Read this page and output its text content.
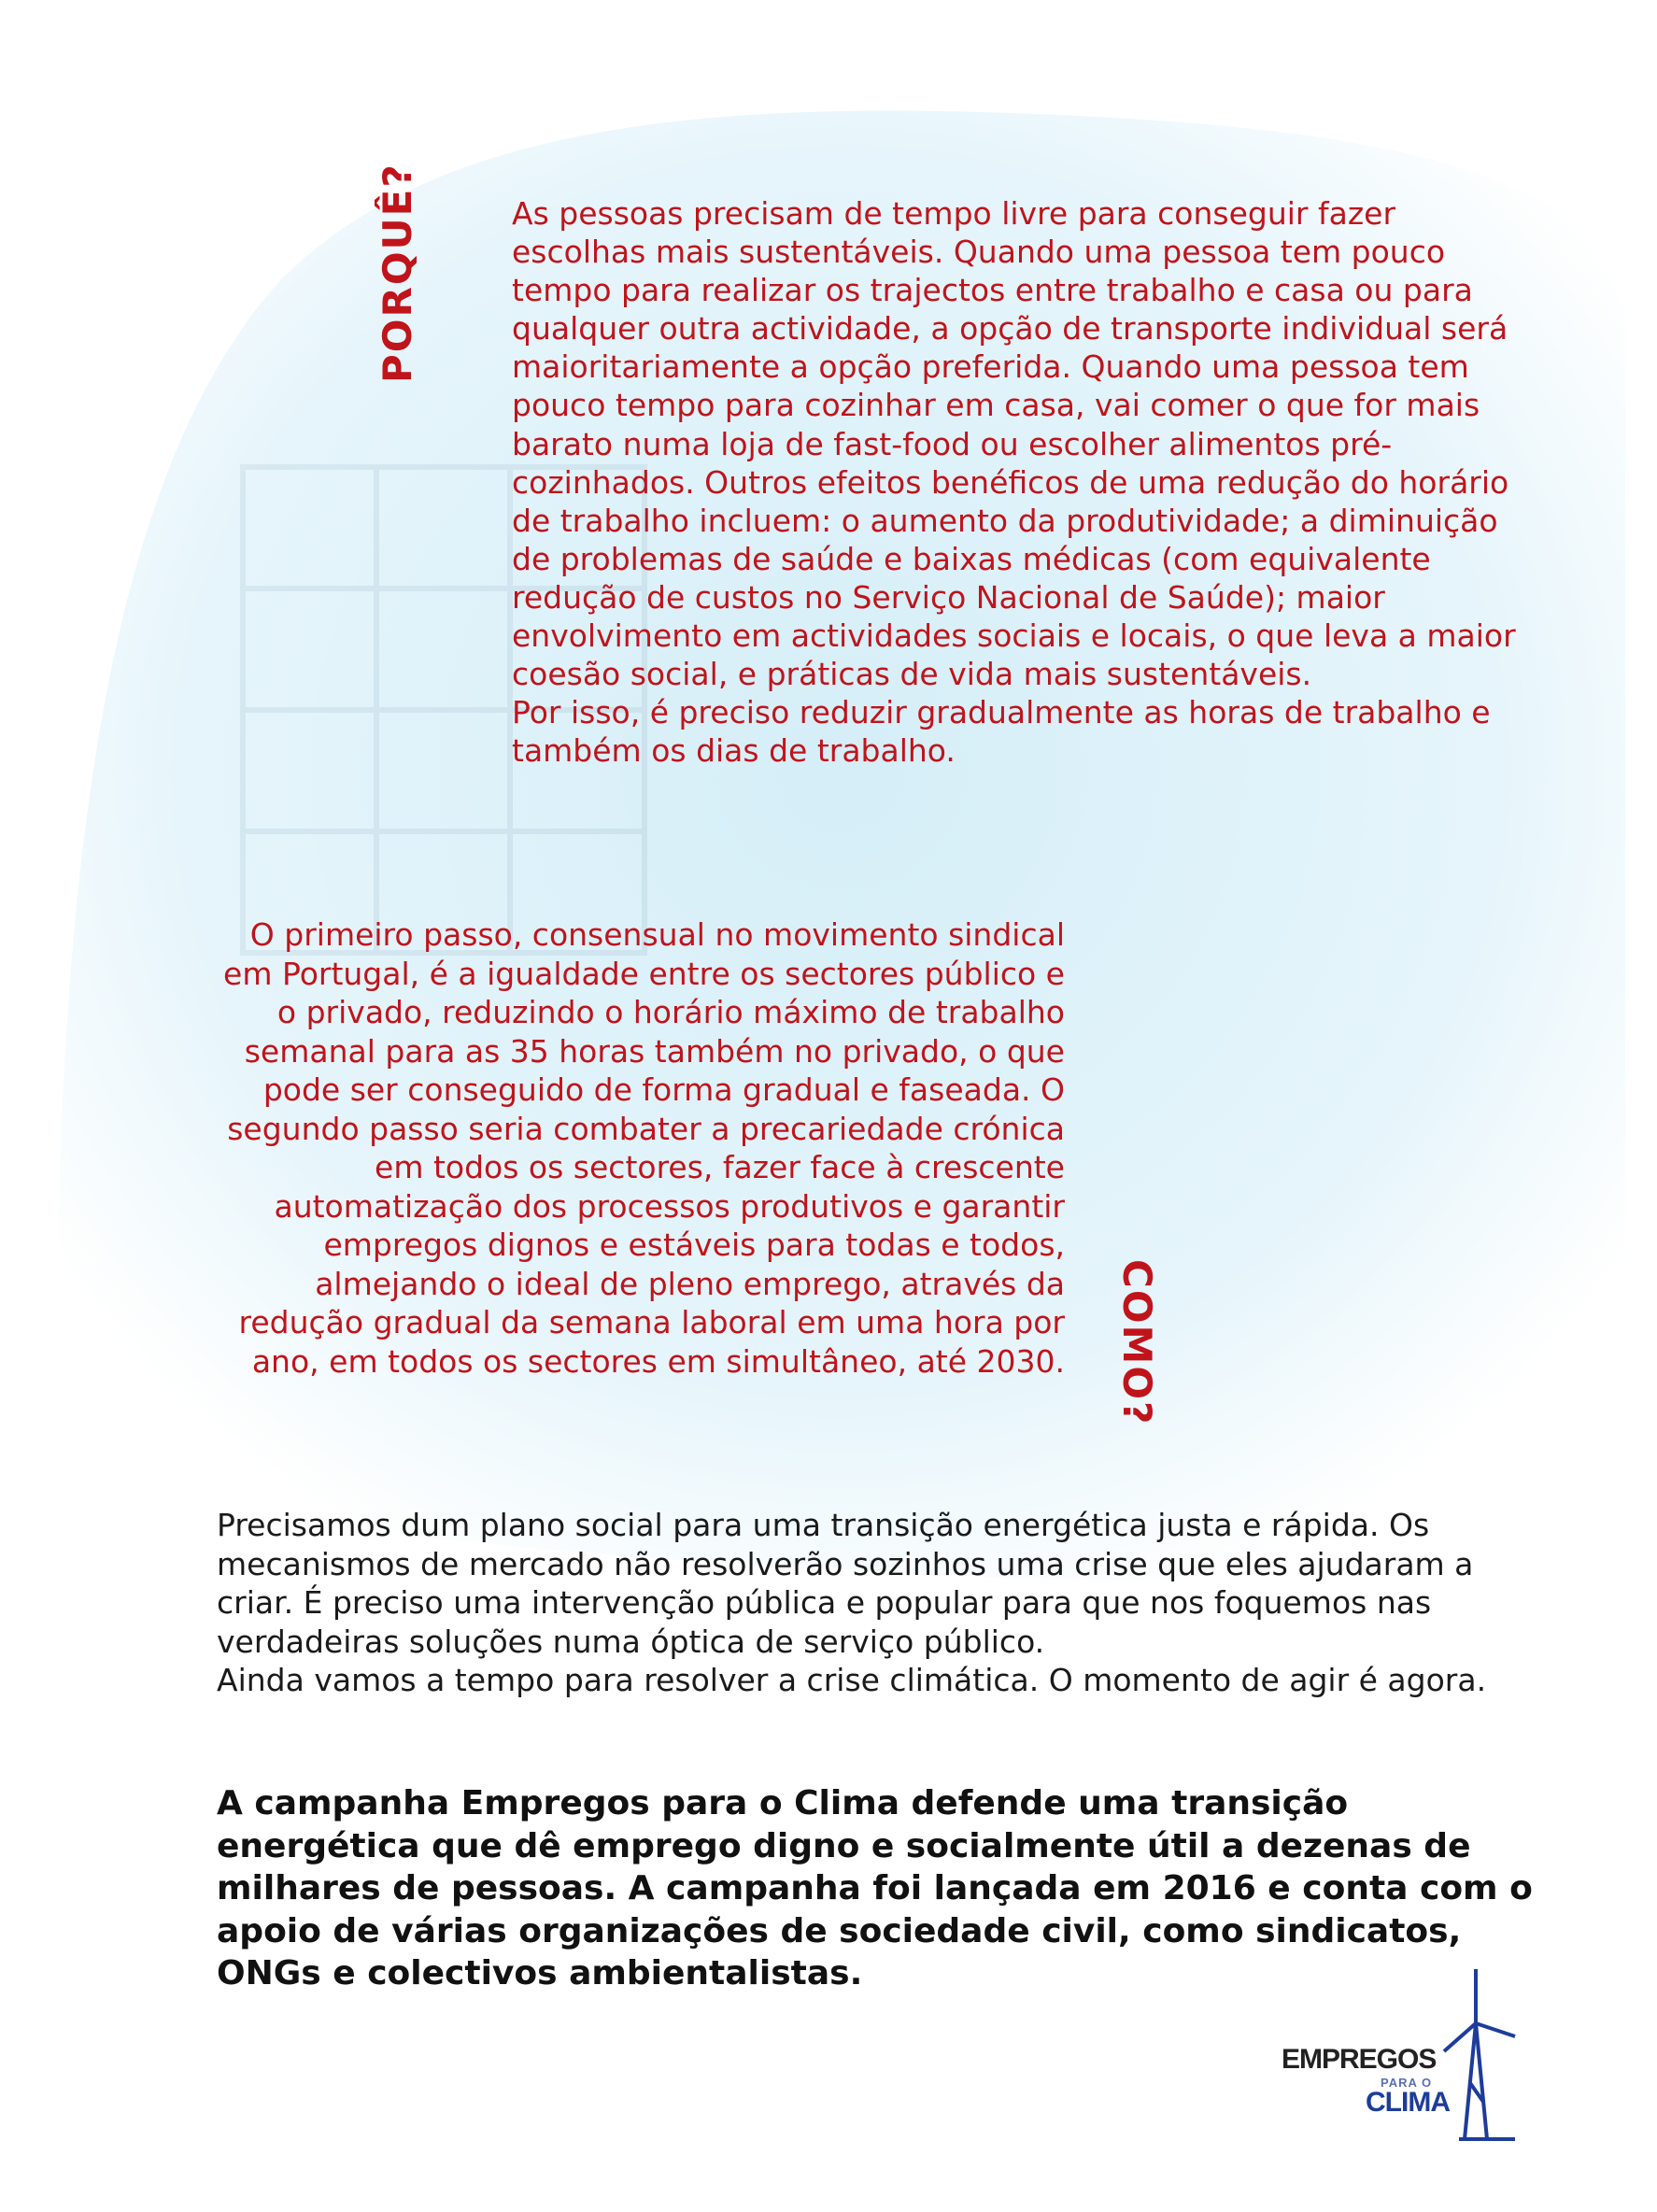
PORQUÊ?	As pessoas precisam de tempo livre para conseguir fazer escolhas mais sustentáveis. Quando uma pessoa tem pouco tempo para realizar os trajectos entre trabalho e casa ou para qualquer outra actividade, a opção de transporte individual será maioritariamente a opção preferida. Quando uma pessoa tem pouco tempo para cozinhar em casa, vai comer o que for mais barato numa loja de fast-food ou escolher alimentos pré-cozinhados. Outros efeitos benéficos de uma redução do horário de trabalho incluem: o aumento da produtividade; a diminuição de problemas de saúde e baixas médicas (com equivalente redução de custos no Serviço Nacional de Saúde); maior envolvimento em actividades sociais e locais, o que leva a maior coesão social, e práticas de vida mais sustentáveis.

Por isso, é preciso reduzir gradualmente as horas de trabalho e também os dias de trabalho.

O primeiro passo, consensual no movimento sindical em Portugal, é a igualdade entre os sectores público e o privado, reduzindo o horário máximo de trabalho semanal para as 35 horas também no privado, o que pode ser conseguido de forma gradual e faseada. O segundo passo seria combater a precariedade crónica em todos os sectores, fazer face à crescente automatização dos processos produtivos e garantir empregos dignos e estáveis para todas e todos, almejando o ideal de pleno emprego, através da redução gradual da semana laboral em uma hora por ano, em todos os sectores em simultâneo, até 2030. COMO?

Precisamos dum plano social para uma transição energética justa e rápida. Os mecanismos de mercado não resolverão sozinhos uma crise que eles ajudaram a criar. É preciso uma intervenção pública e popular para que nos foquemos nas verdadeiras soluções numa óptica de serviço público.

Ainda vamos a tempo para resolver a crise climática. O momento de agir é agora.

A campanha Empregos para o Clima defende uma transição energética que dê emprego digno e socialmente útil a dezenas de milhares de pessoas. A campanha foi lançada em 2016 e conta com o apoio de várias organizações de sociedade civil, como sindicatos, ONGs e colectivos ambientalistas.
EMPREGOS
PARA O
CLIMA
